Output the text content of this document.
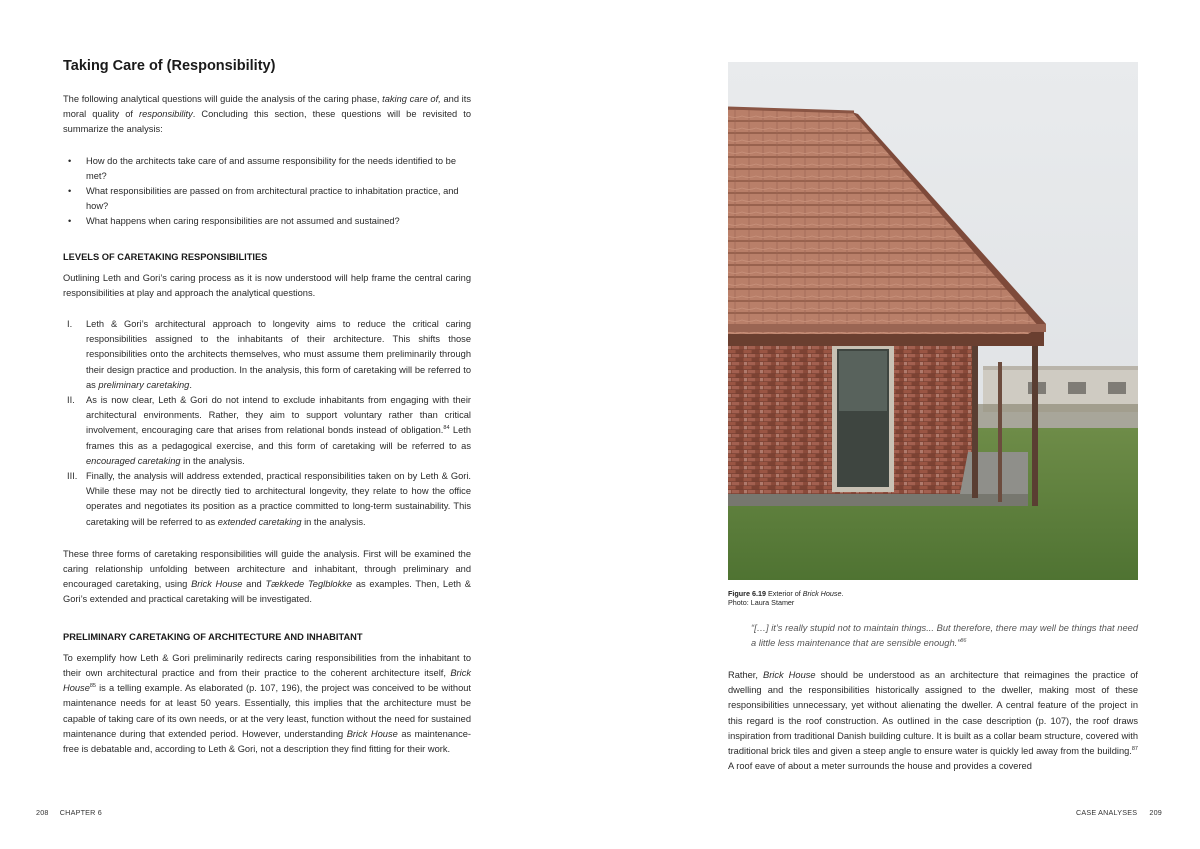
Taking Care of (Responsibility)

The following analytical questions will guide the analysis of the caring phase, taking care of, and its moral quality of responsibility. Concluding this section, these questions will be revisited to summarize the analysis:

• How do the architects take care of and assume responsibility for the needs identified to be met?
• What responsibilities are passed on from architectural practice to inhabitation practice, and how?
• What happens when caring responsibilities are not assumed and sustained?
LEVELS OF CARETAKING RESPONSIBILITIES

Outlining Leth and Gori’s caring process as it is now understood will help frame the central caring responsibilities at play and approach the analytical questions.

I.	Leth & Gori’s architectural approach to longevity aims to reduce the critical caring responsibilities assigned to the inhabitants of their architecture. This shifts those responsibilities onto the architects themselves, who must assume them preliminarily through their design practice and production. In the analysis, this form of caretaking will be referred to as preliminary caretaking.
II.	As is now clear, Leth & Gori do not intend to exclude inhabitants from engaging with their architectural environments. Rather, they aim to support voluntary rather than critical involvement, encouraging care that arises from relational bonds instead of obligation.$^{84}$ Leth frames this as a pedagogical exercise, and this form of caretaking will be referred to as encouraged caretaking in the analysis.
III. Finally, the analysis will address extended, practical responsibilities taken on by Leth & Gori. While these may not be directly tied to architectural longevity, they relate to how the office operates and negotiates its position as a practice committed to long-term sustainability. This caretaking will be referred to as extended caretaking in the analysis.

These three forms of caretaking responsibilities will guide the analysis. First will be examined the caring relationship unfolding between architecture and inhabitant, through preliminary and encouraged caretaking, using Brick House and Tækkede Teglblokke as examples. Then, Leth & Gori’s extended and practical caretaking will be investigated.

PRELIMINARY CARETAKING OF ARCHITECTURE AND INHABITANT

To exemplify how Leth & Gori preliminarily redirects caring responsibilities from the inhabitant to their own architectural practice and from their practice to the coherent architecture itself, Brick House$^{85}$ is a telling example. As elaborated (p. 107, 196), the project was conceived to be without maintenance needs for at least 50 years. Essentially, this implies that the architecture must be capable of taking care of its own needs, or at the very least, function without the need for sustained maintenance during that extended period. However, understanding Brick House as maintenance-free is debatable and, according to Leth & Gori, not a description they find fitting for their work.

208 CHAPTER 6
Figure 6.19 Exterior of Brick House.
Photo: Laura Stamer
“[…] it’s really stupid not to maintain things... But therefore, there may well be things that need a little less maintenance that are sensible enough.”$^{86}$

Rather, Brick House should be understood as an architecture that reimagines the practice of dwelling and the responsibilities historically assigned to the dweller, making most of these responsibilities unnecessary, yet without alienating the dweller. A central feature of the project in this regard is the roof construction. As outlined in the case description (p. 107), the roof draws inspiration from traditional Danish building culture. It is built as a collar beam structure, covered with traditional brick tiles and given a steep angle to ensure water is quickly led away from the building.$^{87}$ A roof eave of about a meter surrounds the house and provides a covered

CASE ANALYSES 209
